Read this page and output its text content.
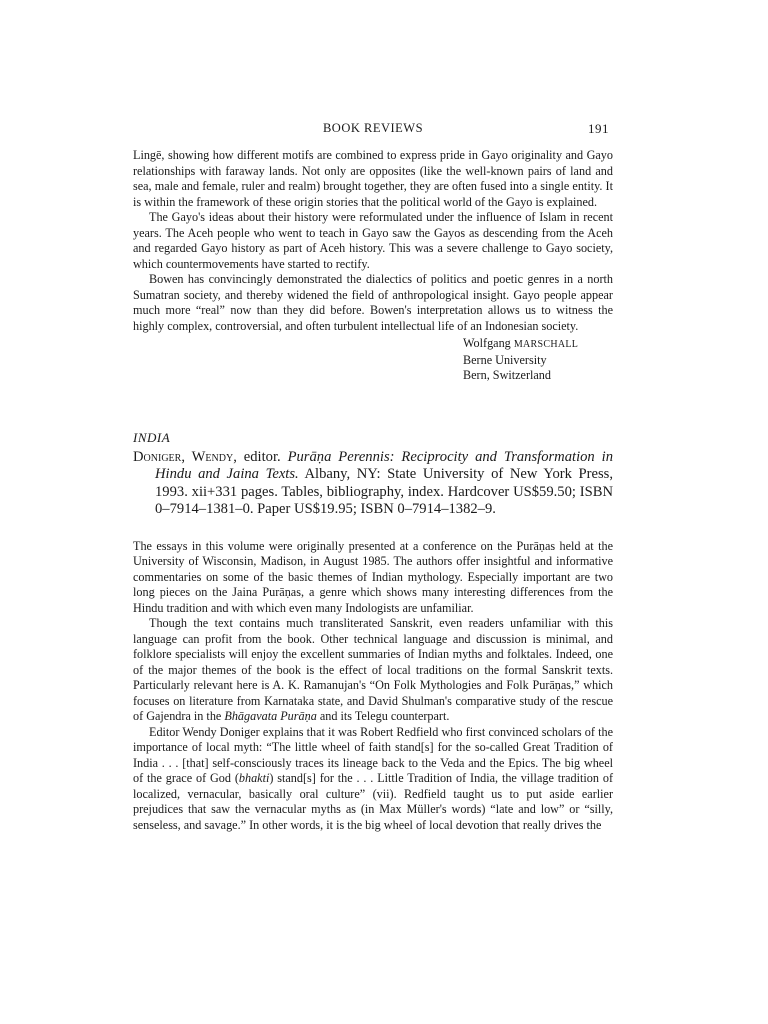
BOOK REVIEWS	191

Lingē, showing how different motifs are combined to express pride in Gayo originality and Gayo relationships with faraway lands. Not only are opposites (like the well-known pairs of land and sea, male and female, ruler and realm) brought together, they are often fused into a single entity. It is within the framework of these origin stories that the political world of the Gayo is explained.

The Gayo's ideas about their history were reformulated under the influence of Islam in recent years. The Aceh people who went to teach in Gayo saw the Gayos as descending from the Aceh and regarded Gayo history as part of Aceh history. This was a severe challenge to Gayo society, which countermovements have started to rectify.

Bowen has convincingly demonstrated the dialectics of politics and poetic genres in a north Sumatran society, and thereby widened the field of anthropological insight. Gayo people appear much more “real” now than they did before. Bowen's interpretation allows us to witness the highly complex, controversial, and often turbulent intellectual life of an Indonesian society.

Wolfgang MARSCHALL
Berne University
Bern, Switzerland
INDIA
Doniger, Wendy, editor. Purāṇa Perennis: Reciprocity and Transformation in Hindu and Jaina Texts. Albany, NY: State University of New York Press, 1993. xii+331 pages. Tables, bibliography, index. Hardcover US$59.50; ISBN 0–7914–1381–0. Paper US$19.95; ISBN 0–7914–1382–9.

The essays in this volume were originally presented at a conference on the Purāṇas held at the University of Wisconsin, Madison, in August 1985. The authors offer insightful and informative commentaries on some of the basic themes of Indian mythology. Especially important are two long pieces on the Jaina Purāṇas, a genre which shows many interesting differences from the Hindu tradition and with which even many Indologists are unfamiliar.

Though the text contains much transliterated Sanskrit, even readers unfamiliar with this language can profit from the book. Other technical language and discussion is minimal, and folklore specialists will enjoy the excellent summaries of Indian myths and folktales. Indeed, one of the major themes of the book is the effect of local traditions on the formal Sanskrit texts. Particularly relevant here is A. K. Ramanujan's “On Folk Mythologies and Folk Purāṇas,” which focuses on literature from Karnataka state, and David Shulman's comparative study of the rescue of Gajendra in the Bhāgavata Purāṇa and its Telegu counterpart.

Editor Wendy Doniger explains that it was Robert Redfield who first convinced scholars of the importance of local myth: “The little wheel of faith stand[s] for the so-called Great Tradition of India . . . [that] self-consciously traces its lineage back to the Veda and the Epics. The big wheel of the grace of God (bhakti) stand[s] for the . . . Little Tradition of India, the village tradition of localized, vernacular, basically oral culture” (vii). Redfield taught us to put aside earlier prejudices that saw the vernacular myths as (in Max Müller's words) “late and low” or “silly, senseless, and savage.” In other words, it is the big wheel of local devotion that really drives the
